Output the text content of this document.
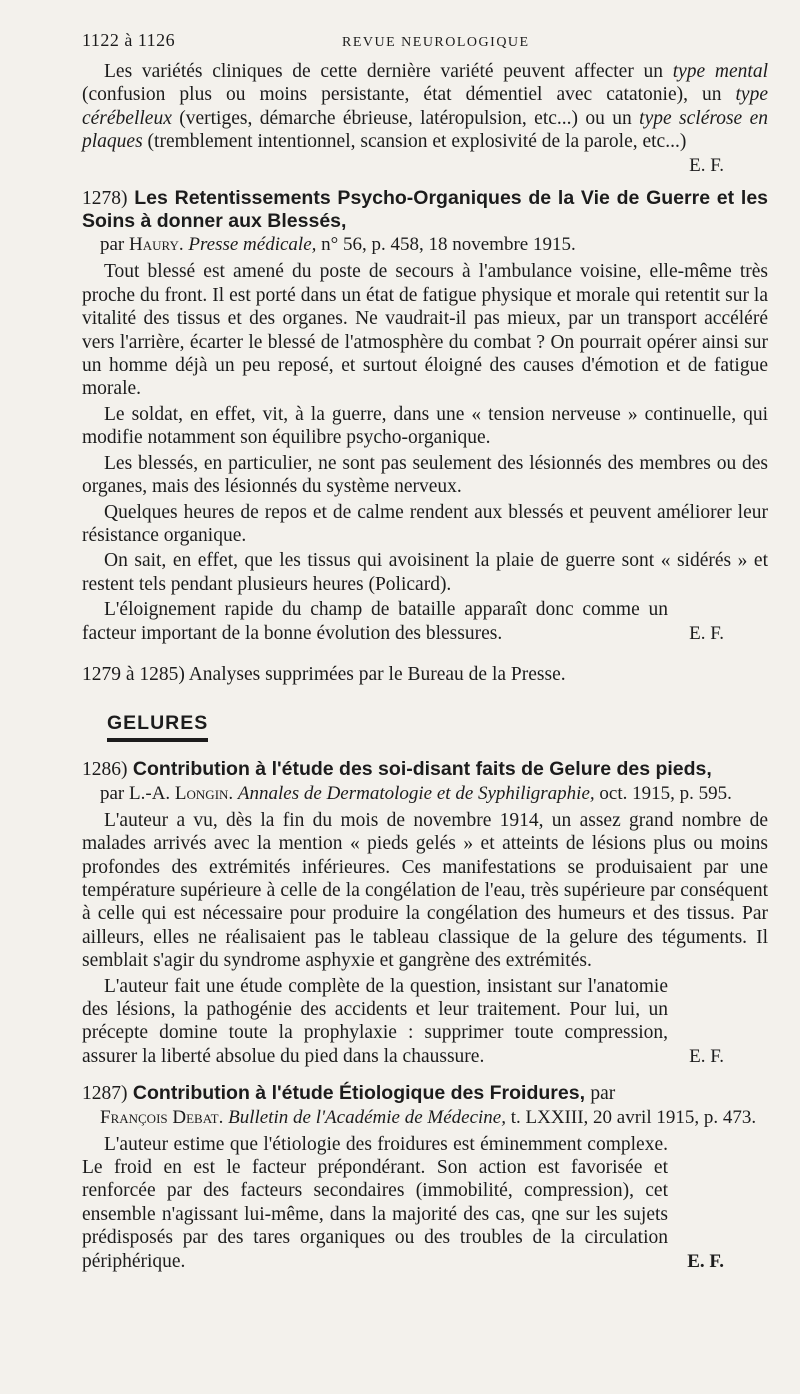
1122 à 1126	REVUE NEUROLOGIQUE

Les variétés cliniques de cette dernière variété peuvent affecter un type mental (confusion plus ou moins persistante, état démentiel avec catatonie), un type cérébelleux (vertiges, démarche ébrieuse, latéropulsion, etc...) ou un type sclérose en plaques (tremblement intentionnel, scansion et explosivité de la parole, etc...)

E. F.

1278) Les Retentissements Psycho-Organiques de la Vie de Guerre et les Soins à donner aux Blessés,

par Haury. Presse médicale, n° 56, p. 458, 18 novembre 1915.

Tout blessé est amené du poste de secours à l'ambulance voisine, elle-même très proche du front. Il est porté dans un état de fatigue physique et morale qui retentit sur la vitalité des tissus et des organes. Ne vaudrait-il pas mieux, par un transport accéléré vers l'arrière, écarter le blessé de l'atmosphère du combat ? On pourrait opérer ainsi sur un homme déjà un peu reposé, et surtout éloigné des causes d'émotion et de fatigue morale.

Le soldat, en effet, vit, à la guerre, dans une « tension nerveuse » continuelle, qui modifie notamment son équilibre psycho-organique.

Les blessés, en particulier, ne sont pas seulement des lésionnés des membres ou des organes, mais des lésionnés du système nerveux.

Quelques heures de repos et de calme rendent aux blessés et peuvent améliorer leur résistance organique.

On sait, en effet, que les tissus qui avoisinent la plaie de guerre sont « sidérés » et restent tels pendant plusieurs heures (Policard).

L'éloignement rapide du champ de bataille apparaît donc comme un facteur important de la bonne évolution des blessures.	E. F.

1279 à 1285) Analyses supprimées par le Bureau de la Presse.

GELURES

1286) Contribution à l'étude des soi-disant faits de Gelure des pieds,

par L.-A. Longin. Annales de Dermatologie et de Syphiligraphie, oct. 1915, p. 595.

L'auteur a vu, dès la fin du mois de novembre 1914, un assez grand nombre de malades arrivés avec la mention « pieds gelés » et atteints de lésions plus ou moins profondes des extrémités inférieures. Ces manifestations se produisaient par une température supérieure à celle de la congélation de l'eau, très supérieure par conséquent à celle qui est nécessaire pour produire la congélation des humeurs et des tissus. Par ailleurs, elles ne réalisaient pas le tableau classique de la gelure des téguments. Il semblait s'agir du syndrome asphyxie et gangrène des extrémités.

L'auteur fait une étude complète de la question, insistant sur l'anatomie des lésions, la pathogénie des accidents et leur traitement. Pour lui, un précepte domine toute la prophylaxie : supprimer toute compression, assurer la liberté absolue du pied dans la chaussure.	E. F.

1287) Contribution à l'étude Étiologique des Froidures, par

François Debat. Bulletin de l'Académie de Médecine, t. LXXIII, 20 avril 1915, p. 473.

L'auteur estime que l'étiologie des froidures est éminemment complexe. Le froid en est le facteur prépondérant. Son action est favorisée et renforcée par des facteurs secondaires (immobilité, compression), cet ensemble n'agissant lui-même, dans la majorité des cas, qne sur les sujets prédisposés par des tares organiques ou des troubles de la circulation périphérique.	E. F.
